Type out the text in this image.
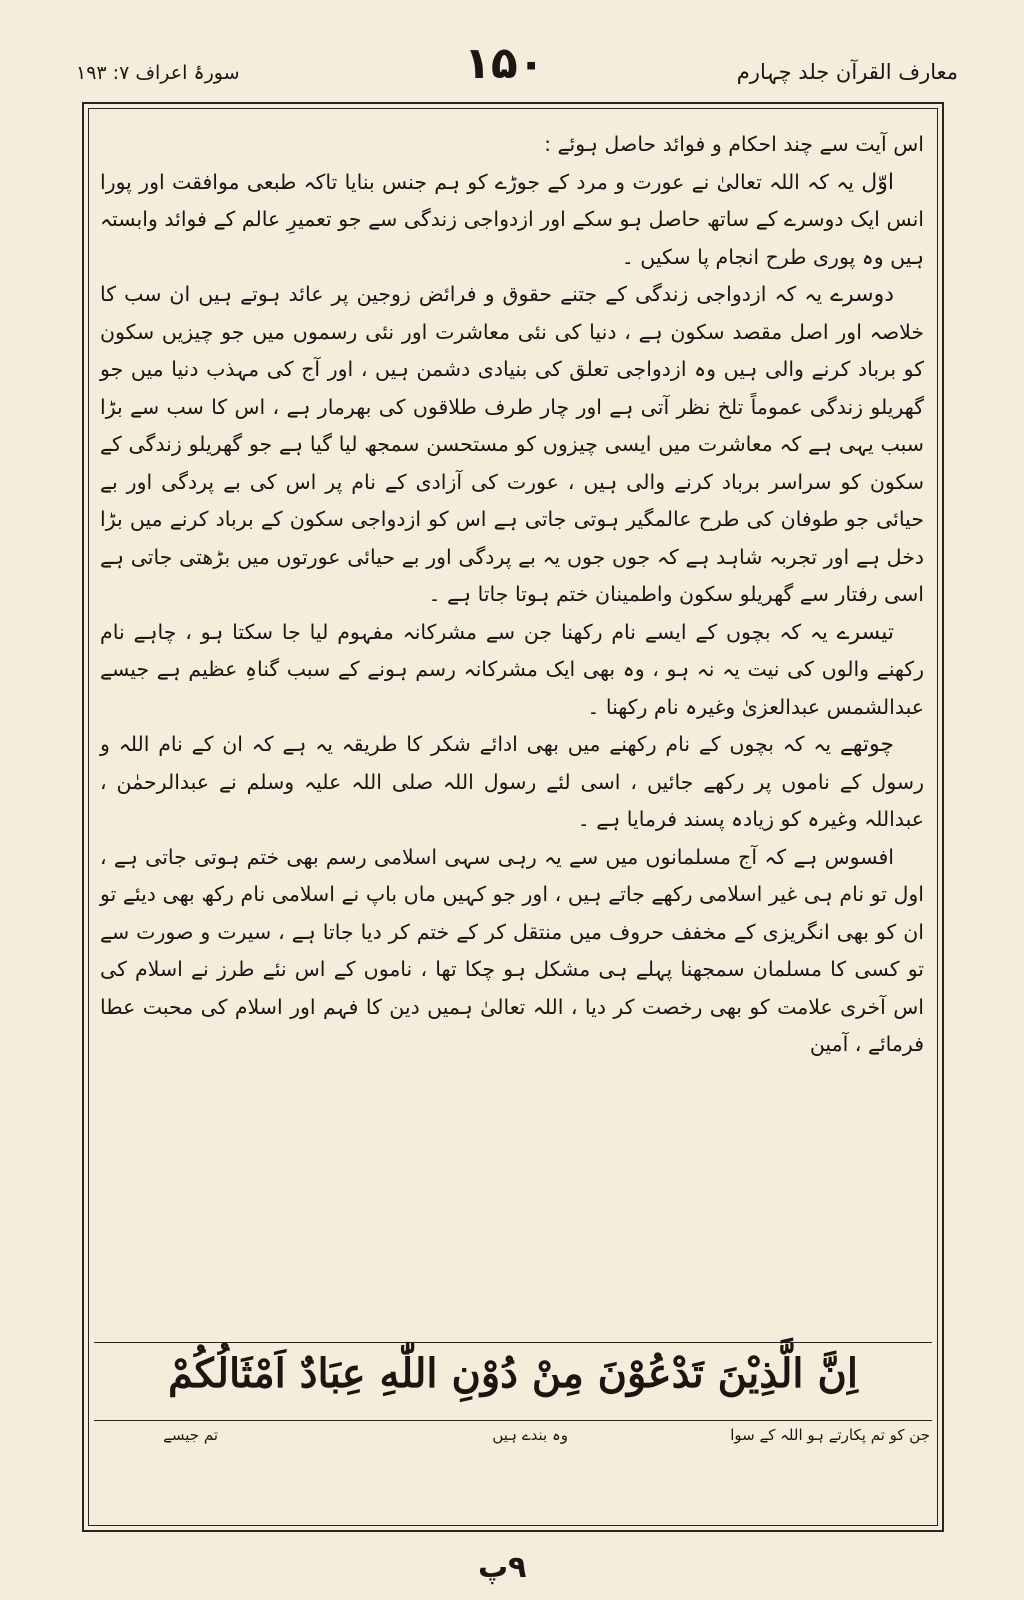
معارف القرآن جلد چہارم
۱۵۰
سورۂ اعراف ۷: ۱۹۳

اس آیت سے چند احکام و فوائد حاصل ہوئے :

اوّل یہ کہ اللہ تعالیٰ نے عورت و مرد کے جوڑے کو ہم جنس بنایا تاکہ طبعی موافقت اور پورا انس ایک دوسرے کے ساتھ حاصل ہو سکے اور ازدواجی زندگی سے جو تعمیرِ عالم کے فوائد وابستہ ہیں وہ پوری طرح انجام پا سکیں ۔

دوسرے یہ کہ ازدواجی زندگی کے جتنے حقوق و فرائض زوجین پر عائد ہوتے ہیں ان سب کا خلاصہ اور اصل مقصد سکون ہے ، دنیا کی نئی معاشرت اور نئی رسموں میں جو چیزیں سکون کو برباد کرنے والی ہیں وہ ازدواجی تعلق کی بنیادی دشمن ہیں ، اور آج کی مہذب دنیا میں جو گھریلو زندگی عموماً تلخ نظر آتی ہے اور چار طرف طلاقوں کی بھرمار ہے ، اس کا سب سے بڑا سبب یہی ہے کہ معاشرت میں ایسی چیزوں کو مستحسن سمجھ لیا گیا ہے جو گھریلو زندگی کے سکون کو سراسر برباد کرنے والی ہیں ، عورت کی آزادی کے نام پر اس کی بے پردگی اور بے حیائی جو طوفان کی طرح عالمگیر ہوتی جاتی ہے اس کو ازدواجی سکون کے برباد کرنے میں بڑا دخل ہے اور تجربہ شاہد ہے کہ جوں جوں یہ بے پردگی اور بے حیائی عورتوں میں بڑھتی جاتی ہے اسی رفتار سے گھریلو سکون واطمینان ختم ہوتا جاتا ہے ۔

تیسرے یہ کہ بچوں کے ایسے نام رکھنا جن سے مشرکانہ مفہوم لیا جا سکتا ہو ، چاہے نام رکھنے والوں کی نیت یہ نہ ہو ، وہ بھی ایک مشرکانہ رسم ہونے کے سبب گناہِ عظیم ہے جیسے عبدالشمس عبدالعزیٰ وغیرہ نام رکھنا ۔

چوتھے یہ کہ بچوں کے نام رکھنے میں بھی ادائے شکر کا طریقہ یہ ہے کہ ان کے نام اللہ و رسول کے ناموں پر رکھے جائیں ، اسی لئے رسول اللہ صلی اللہ علیہ وسلم نے عبدالرحمٰن ، عبداللہ وغیرہ کو زیادہ پسند فرمایا ہے ۔

افسوس ہے کہ آج مسلمانوں میں سے یہ رہی سہی اسلامی رسم بھی ختم ہوتی جاتی ہے ، اول تو نام ہی غیر اسلامی رکھے جاتے ہیں ، اور جو کہیں ماں باپ نے اسلامی نام رکھ بھی دیئے تو ان کو بھی انگریزی کے مخفف حروف میں منتقل کر کے ختم کر دیا جاتا ہے ، سیرت و صورت سے تو کسی کا مسلمان سمجھنا پہلے ہی مشکل ہو چکا تھا ، ناموں کے اس نئے طرز نے اسلام کی اس آخری علامت کو بھی رخصت کر دیا ، اللہ تعالیٰ ہمیں دین کا فہم اور اسلام کی محبت عطا فرمائے ، آمین

اِنَّ الَّذِيْنَ تَدْعُوْنَ مِنْ دُوْنِ اللّٰهِ عِبَادٌ اَمْثَالُكُمْ
جن کو تم پکارتے ہو اللہ کے سوا
وہ بندے ہیں
تم جیسے
۹پ
